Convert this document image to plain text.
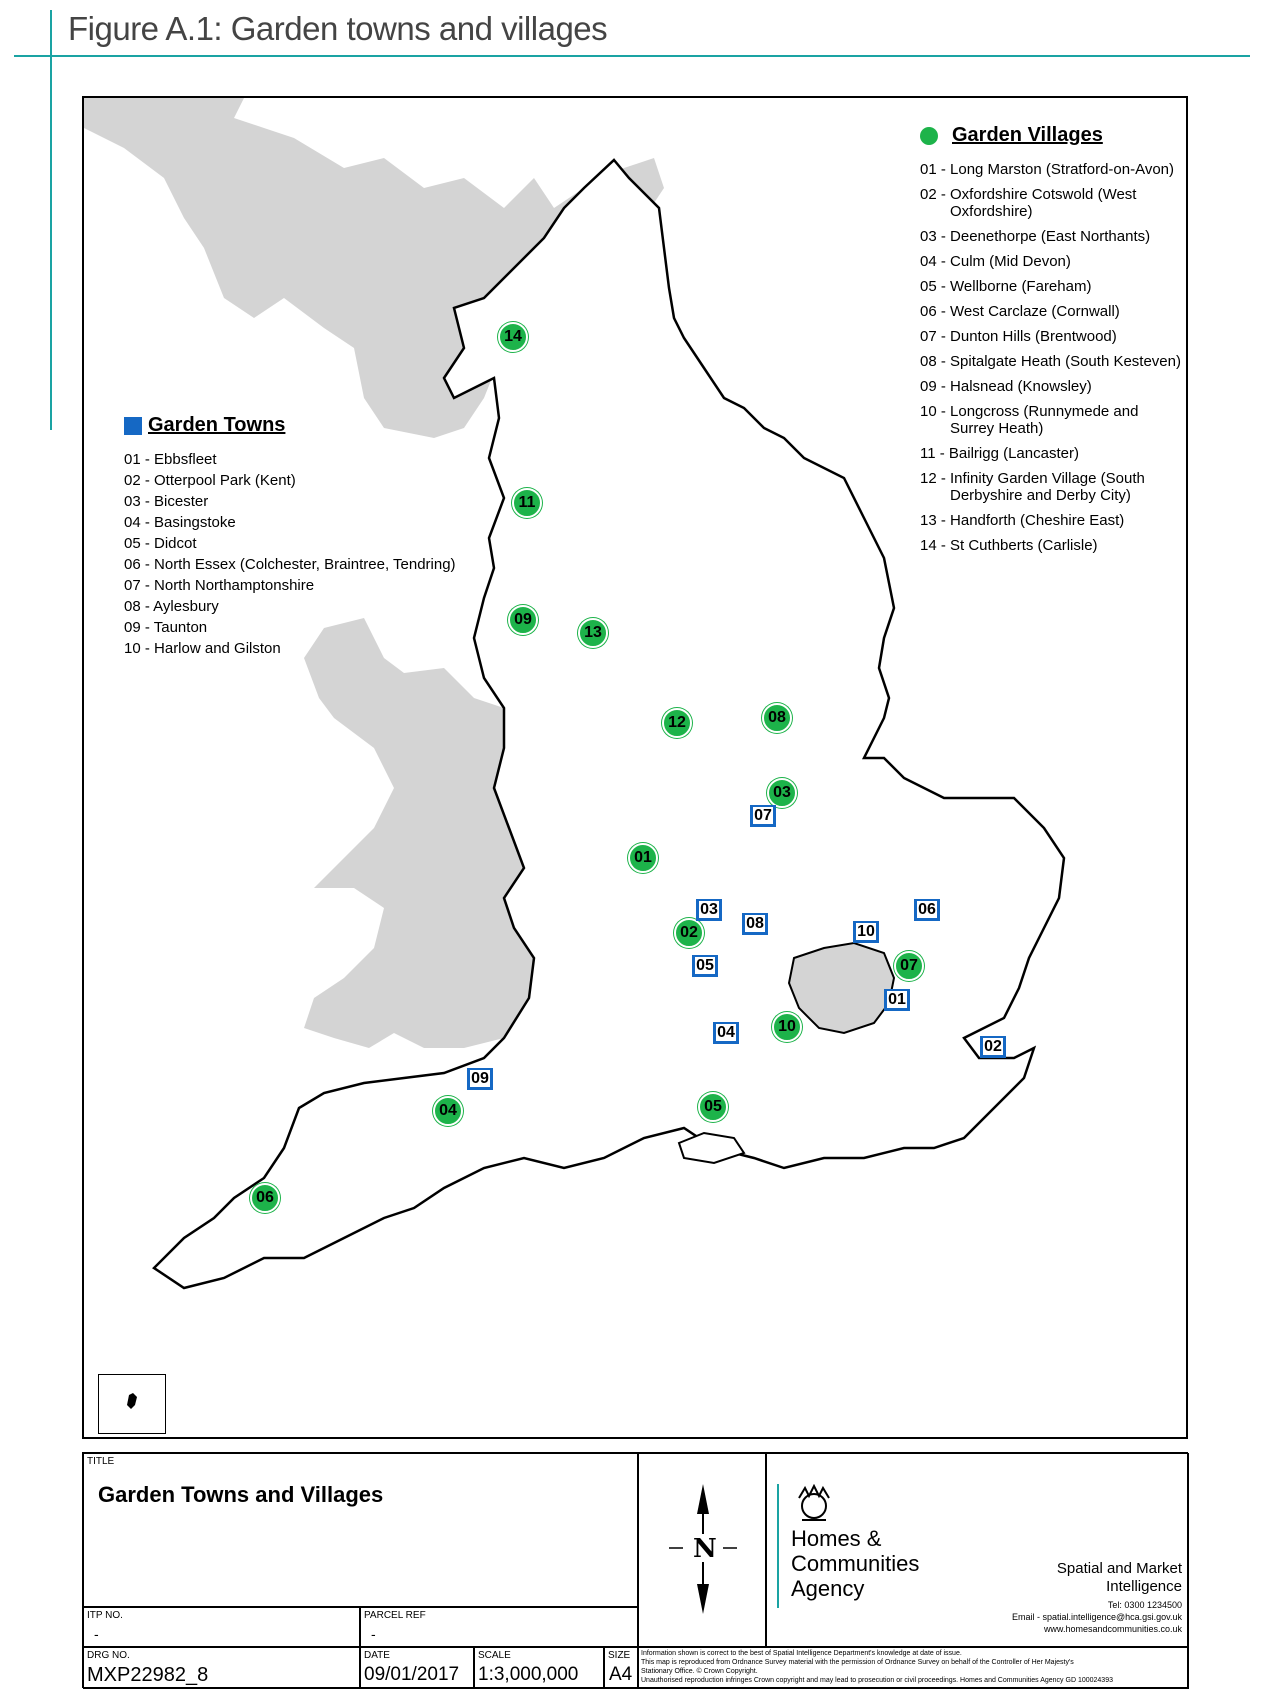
Figure A.1: Garden towns and villages
14
11
09
13
12	08
03
01
02
07
10
05
04
06
07
03
08
06
10
05
01
04
02
09
Garden Villages
01 - Long Marston (Stratford-on-Avon)
02 - Oxfordshire Cotswold (West
Oxfordshire)
03 - Deenethorpe (East Northants)
04 - Culm (Mid Devon)
05 - Wellborne (Fareham)
06 - West Carclaze (Cornwall)
07 - Dunton Hills (Brentwood)
08 - Spitalgate Heath (South Kesteven)
09 - Halsnead (Knowsley)
10 - Longcross (Runnymede and
Surrey Heath)
11 - Bailrigg (Lancaster)
12 - Infinity Garden Village (South
Derbyshire and Derby City)
13 - Handforth (Cheshire East)
14 - St Cuthberts (Carlisle)
Garden Towns
01 - Ebbsfleet
02 - Otterpool Park (Kent)
03 - Bicester
04 - Basingstoke
05 - Didcot
06 - North Essex (Colchester, Braintree, Tendring)
07 - North Northamptonshire
08 - Aylesbury
09 - Taunton
10 - Harlow and Gilston
TITLE
Garden Towns and Villages
ITP NO.
-
PARCEL REF
-
DRG NO.
MXP22982_8
DATE
09/01/2017
SCALE
1:3,000,000
SIZE
A4
N	Homes &
Communities
Agency
Spatial and Market
Intelligence
Tel: 0300 1234500
Email - spatial.intelligence@hca.gsi.gov.uk
www.homesandcommunities.co.uk
Information shown is correct to the best of Spatial Intelligence Department's knowledge at date of issue.
This map is reproduced from Ordnance Survey material with the permission of Ordnance Survey on behalf of the Controller of Her Majesty's
Stationary Office. © Crown Copyright.
Unauthorised reproduction infringes Crown copyright and may lead to prosecution or civil proceedings. Homes and Communities Agency GD 100024393
